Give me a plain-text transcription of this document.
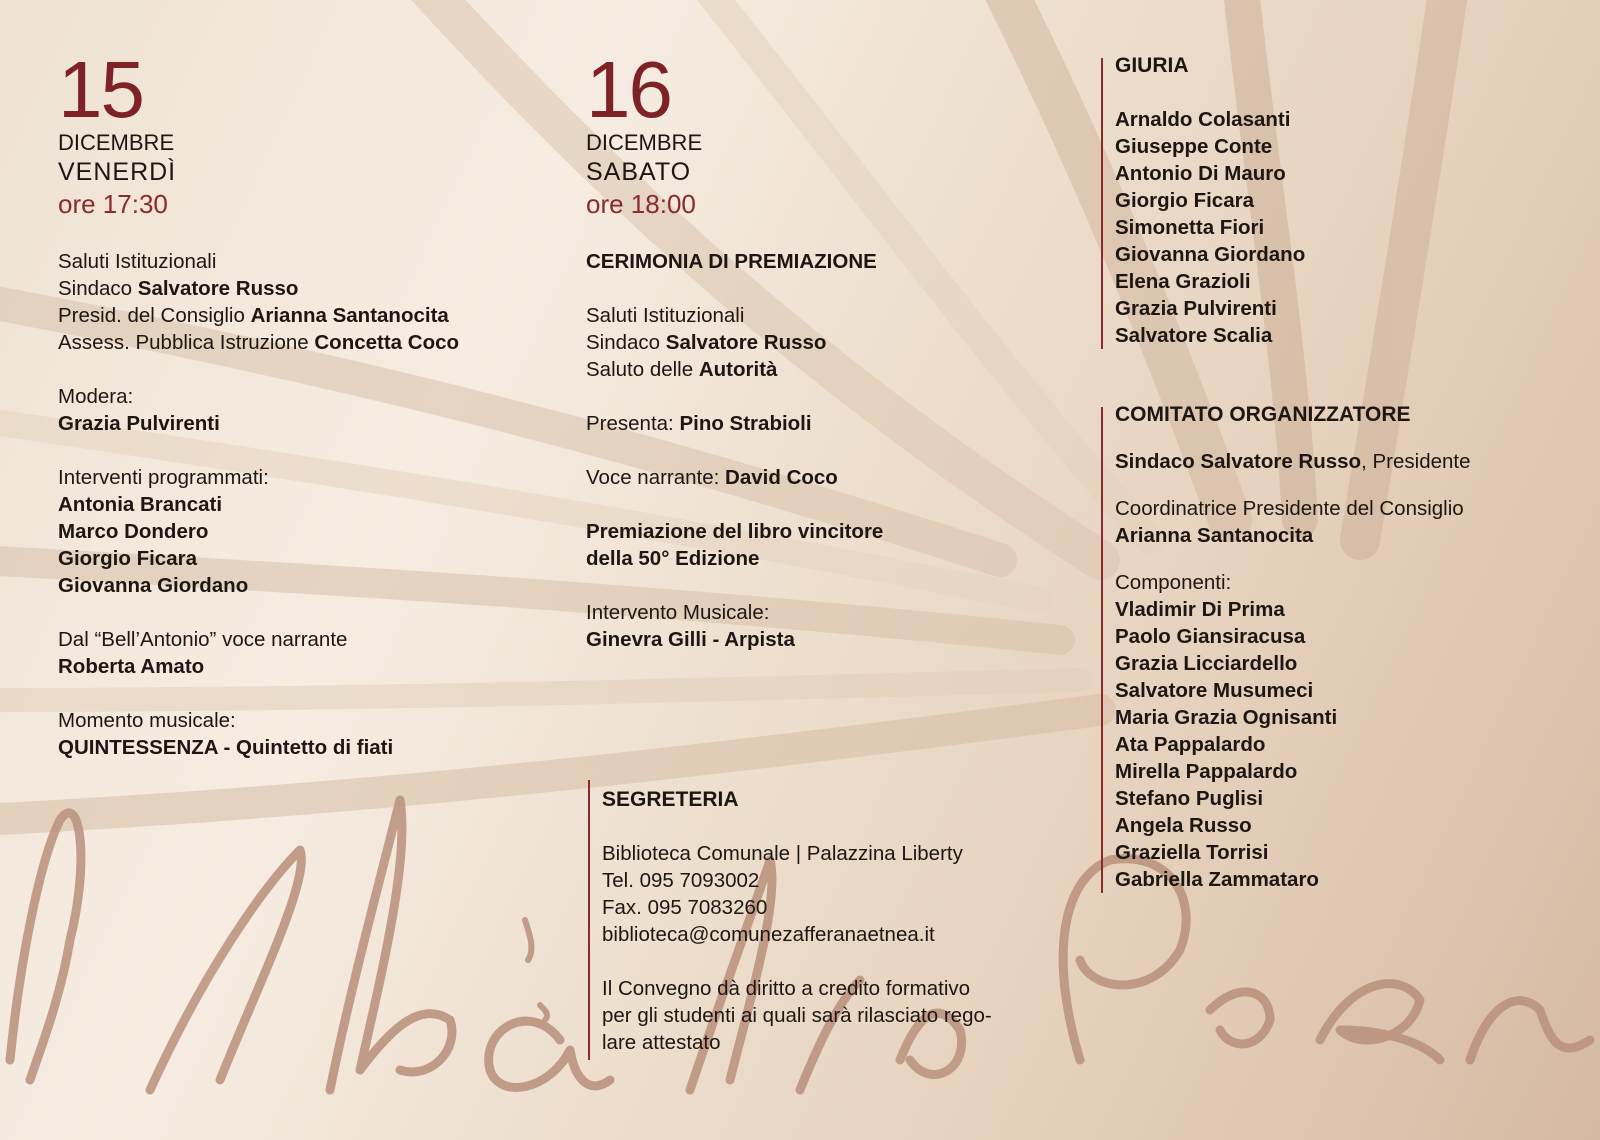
15
DICEMBRE
VENERDÌ
ore 17:30
Saluti Istituzionali
Sindaco Salvatore Russo
Presid. del Consiglio Arianna Santanocita
Assess. Pubblica Istruzione Concetta Coco
Modera:
Grazia Pulvirenti
Interventi programmati:
Antonia Brancati
Marco Dondero
Giorgio Ficara
Giovanna Giordano
Dal “Bell’Antonio” voce narrante
Roberta Amato
Momento musicale:
QUINTESSENZA - Quintetto di fiati
16
DICEMBRE
SABATO
ore 18:00
CERIMONIA DI PREMIAZIONE
Saluti Istituzionali
Sindaco Salvatore Russo
Saluto delle Autorità
Presenta: Pino Strabioli
Voce narrante: David Coco
Premiazione del libro vincitore
della 50° Edizione
Intervento Musicale:
Ginevra Gilli - Arpista
SEGRETERIA
Biblioteca Comunale | Palazzina Liberty
Tel. 095 7093002
Fax. 095 7083260
biblioteca@comunezafferanaetnea.it
Il Convegno dà diritto a credito formativo
per gli studenti ai quali sarà rilasciato rego-
lare attestato
GIURIA
Arnaldo Colasanti
Giuseppe Conte
Antonio Di Mauro
Giorgio Ficara
Simonetta Fiori
Giovanna Giordano
Elena Grazioli
Grazia Pulvirenti
Salvatore Scalia
COMITATO ORGANIZZATORE
Sindaco Salvatore Russo, Presidente
Coordinatrice Presidente del Consiglio
Arianna Santanocita
Componenti:
Vladimir Di Prima
Paolo Giansiracusa
Grazia Licciardello
Salvatore Musumeci
Maria Grazia Ognisanti
Ata Pappalardo
Mirella Pappalardo
Stefano Puglisi
Angela Russo
Graziella Torrisi
Gabriella Zammataro
